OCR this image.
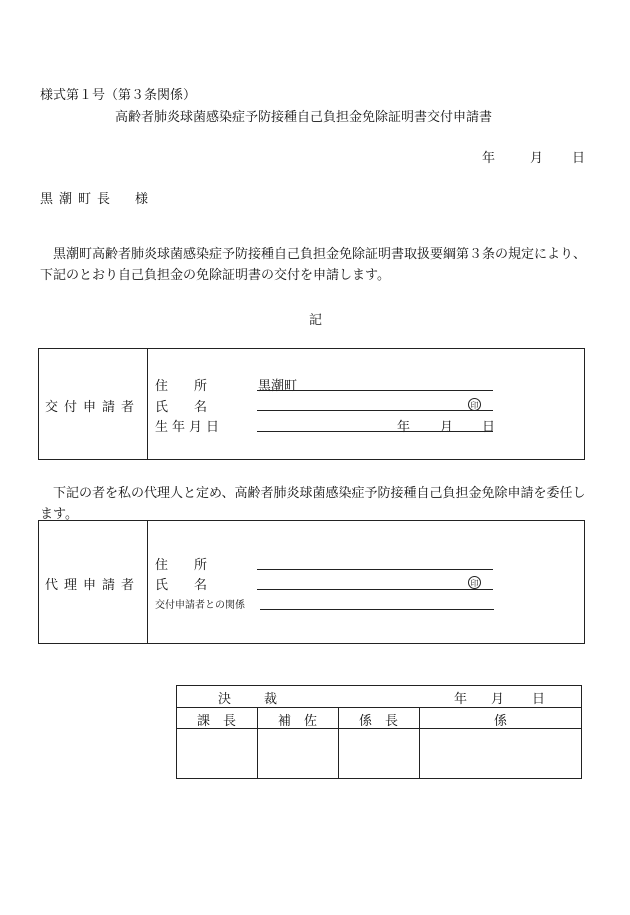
様式第１号（第３条関係）
高齢者肺炎球菌感染症予防接種自己負担金免除証明書交付申請書
年	月 日
黒潮町長　様
　黒潮町高齢者肺炎球菌感染症予防接種自己負担金免除証明書取扱要綱第３条の規定により、下記のとおり自己負担金の免除証明書の交付を申請します。
記
交付申請者
住　　所	黒潮町
氏　　名	印
生年月日	年 月 日
　下記の者を私の代理人と定め、高齢者肺炎球菌感染症予防接種自己負担金免除申請を委任します。
代理申請者
住　　所
氏　　名	印
交付申請者との関係
決　裁	年 月 日
課　長	補　佐	係　長	係
